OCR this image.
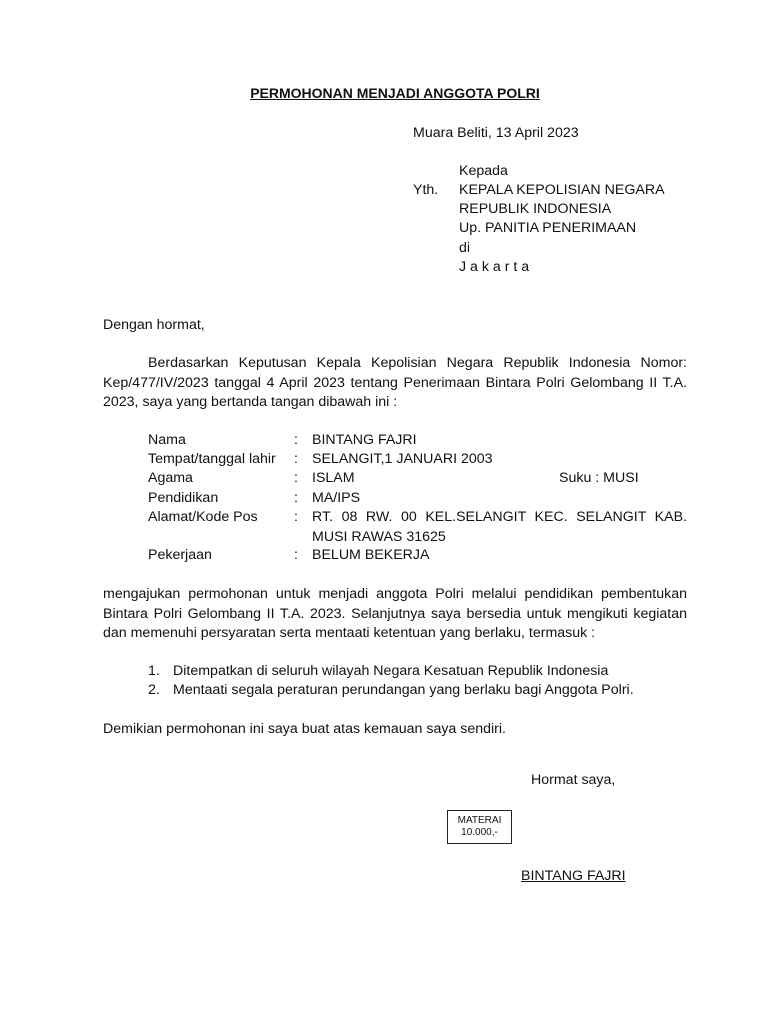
PERMOHONAN MENJADI ANGGOTA POLRI
Muara Beliti, 13 April 2023
Kepada
Yth. KEPALA KEPOLISIAN NEGARA
REPUBLIK INDONESIA
Up. PANITIA PENERIMAAN
di
J a k a r t a
Dengan hormat,
Berdasarkan Keputusan Kepala Kepolisian Negara Republik Indonesia Nomor: Kep/477/IV/2023 tanggal 4 April 2023 tentang Penerimaan Bintara Polri Gelombang II T.A. 2023, saya yang bertanda tangan dibawah ini :
Nama	: BINTANG FAJRI
Tempat/tanggal lahir : SELANGIT,1 JANUARI 2003
Agama	: ISLAM	Suku : MUSI
Pendidikan	: MA/IPS
Alamat/Kode Pos	: RT. 08 RW. 00 KEL.SELANGIT KEC. SELANGIT KAB. MUSI RAWAS 31625
Pekerjaan	: BELUM BEKERJA
mengajukan permohonan untuk menjadi anggota Polri melalui pendidikan pembentukan Bintara Polri Gelombang II T.A. 2023. Selanjutnya saya bersedia untuk mengikuti kegiatan dan memenuhi persyaratan serta mentaati ketentuan yang berlaku, termasuk :
1. Ditempatkan di seluruh wilayah Negara Kesatuan Republik Indonesia
2. Mentaati segala peraturan perundangan yang berlaku bagi Anggota Polri.
Demikian permohonan ini saya buat atas kemauan saya sendiri.
Hormat saya,
MATERAI
10.000,-
BINTANG FAJRI
